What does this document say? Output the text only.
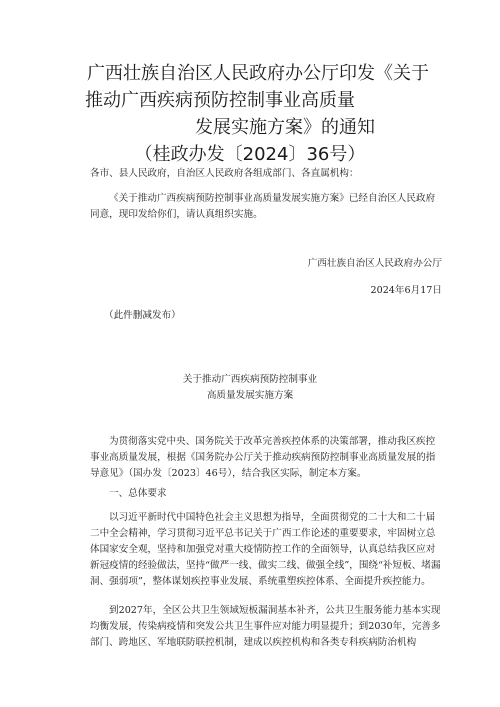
广西壮族自治区人民政府办公厅印发《关于
推动广西疾病预防控制事业高质量
发展实施方案》的通知
（桂政办发〔2024〕36号）
各市、县人民政府，自治区人民政府各组成部门、各直属机构：
《关于推动广西疾病预防控制事业高质量发展实施方案》已经自治区人民政府同意，现印发给你们，请认真组织实施。
广西壮族自治区人民政府办公厅
2024年6月17日
（此件删减发布）
关于推动广西疾病预防控制事业
高质量发展实施方案
为贯彻落实党中央、国务院关于改革完善疾控体系的决策部署，推动我区疾控事业高质量发展，根据《国务院办公厅关于推动疾病预防控制事业高质量发展的指导意见》（国办发〔2023〕46号），结合我区实际，制定本方案。
一、总体要求
以习近平新时代中国特色社会主义思想为指导，全面贯彻党的二十大和二十届二中全会精神，学习贯彻习近平总书记关于广西工作论述的重要要求，牢固树立总体国家安全观，坚持和加强党对重大疫情防控工作的全面领导，认真总结我区应对新冠疫情的经验做法，坚持“做严一线、做实二线、做强全线”，围绕“补短板、堵漏洞、强弱项”，整体谋划疾控事业发展、系统重塑疾控体系、全面提升疾控能力。
到2027年，全区公共卫生领域短板漏洞基本补齐，公共卫生服务能力基本实现均衡发展，传染病疫情和突发公共卫生事件应对能力明显提升；到2030年，完善多部门、跨地区、军地联防联控机制，建成以疾控机构和各类专科疾病防治机构
